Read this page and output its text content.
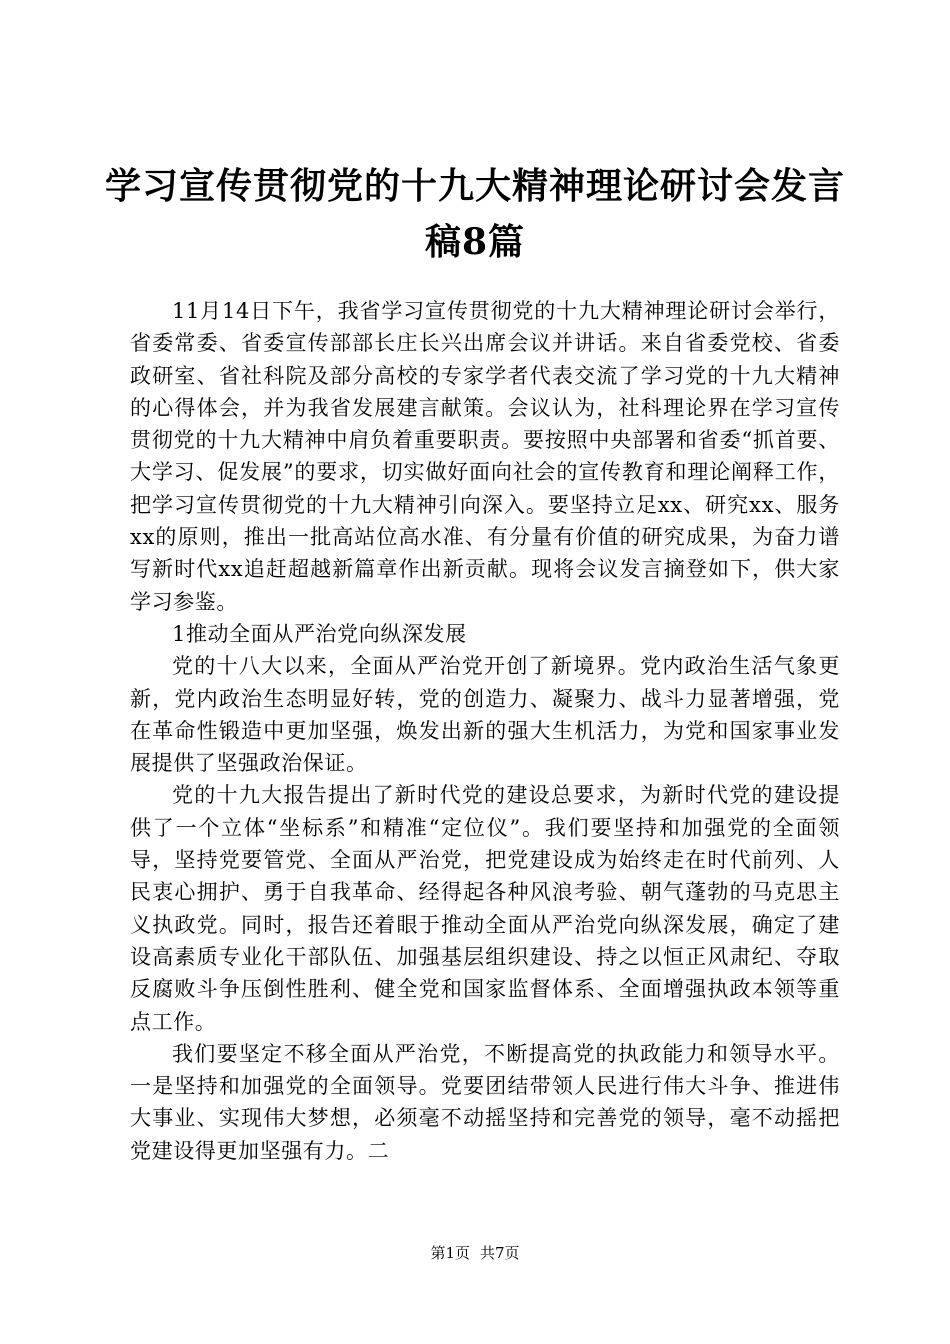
学习宣传贯彻党的十九大精神理论研讨会发言
稿8篇

11月14日下午，我省学习宣传贯彻党的十九大精神理论研讨会举行，省委常委、省委宣传部部长庄长兴出席会议并讲话。来自省委党校、省委政研室、省社科院及部分高校的专家学者代表交流了学习党的十九大精神的心得体会，并为我省发展建言献策。会议认为，社科理论界在学习宣传贯彻党的十九大精神中肩负着重要职责。要按照中央部署和省委“抓首要、大学习、促发展”的要求，切实做好面向社会的宣传教育和理论阐释工作，把学习宣传贯彻党的十九大精神引向深入。要坚持立足xx、研究xx、服务xx的原则，推出一批高站位高水准、有分量有价值的研究成果，为奋力谱写新时代xx追赶超越新篇章作出新贡献。现将会议发言摘登如下，供大家学习参鉴。

1推动全面从严治党向纵深发展

党的十八大以来，全面从严治党开创了新境界。党内政治生活气象更新，党内政治生态明显好转，党的创造力、凝聚力、战斗力显著增强，党在革命性锻造中更加坚强，焕发出新的强大生机活力，为党和国家事业发展提供了坚强政治保证。

党的十九大报告提出了新时代党的建设总要求，为新时代党的建设提供了一个立体“坐标系”和精准“定位仪”。我们要坚持和加强党的全面领导，坚持党要管党、全面从严治党，把党建设成为始终走在时代前列、人民衷心拥护、勇于自我革命、经得起各种风浪考验、朝气蓬勃的马克思主义执政党。同时，报告还着眼于推动全面从严治党向纵深发展，确定了建设高素质专业化干部队伍、加强基层组织建设、持之以恒正风肃纪、夺取反腐败斗争压倒性胜利、健全党和国家监督体系、全面增强执政本领等重点工作。

我们要坚定不移全面从严治党，不断提高党的执政能力和领导水平。一是坚持和加强党的全面领导。党要团结带领人民进行伟大斗争、推进伟大事业、实现伟大梦想，必须毫不动摇坚持和完善党的领导，毫不动摇把党建设得更加坚强有力。二

第1页 共7页
